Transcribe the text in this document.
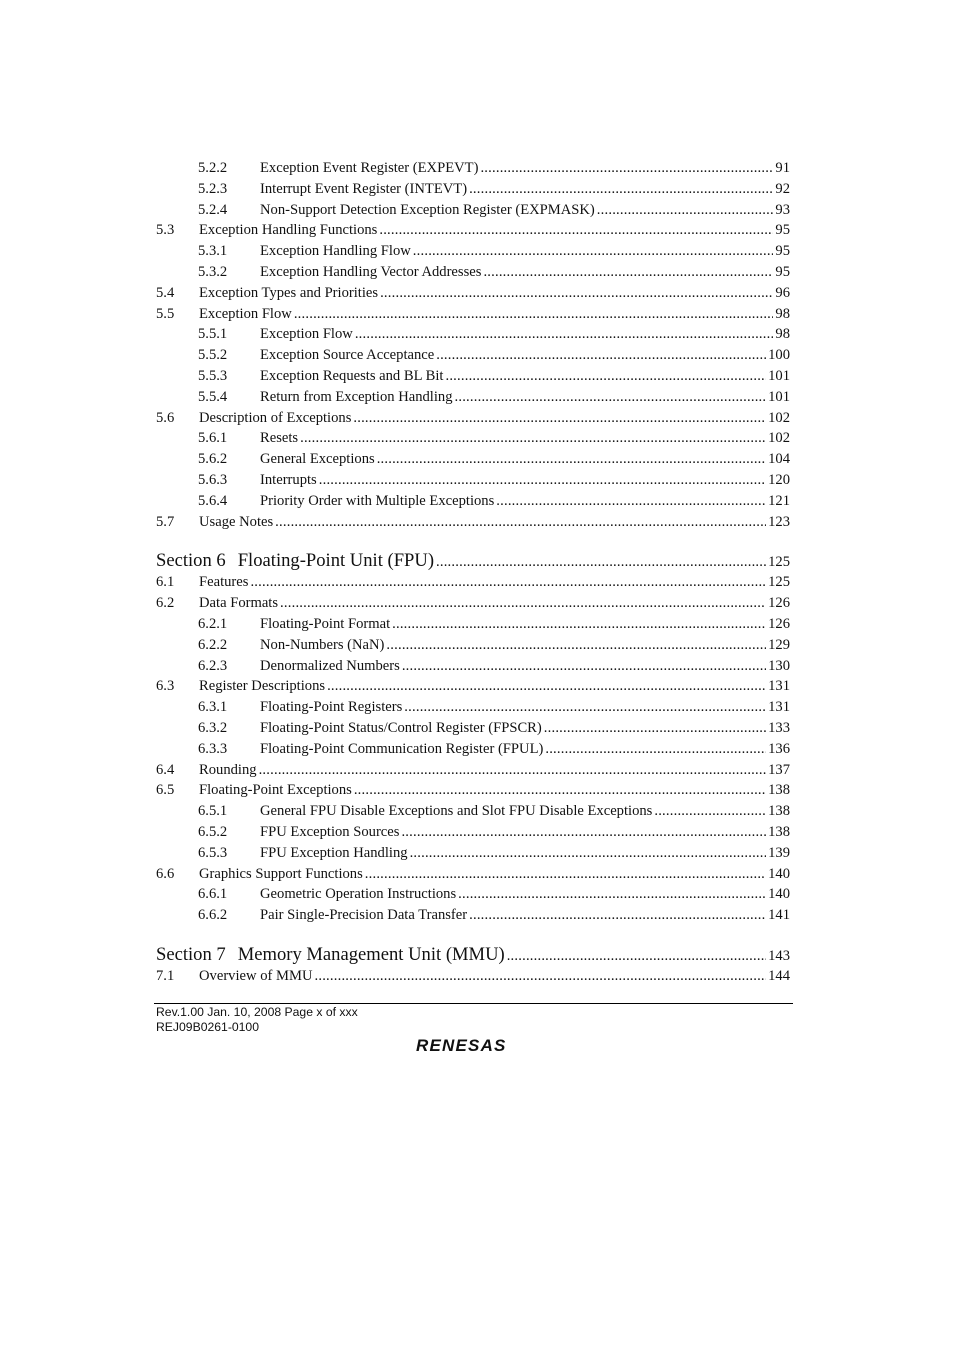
5.2.2 Exception Event Register (EXPEVT) .....	91
5.2.3 Interrupt Event Register (INTEVT) .....	92
5.2.4 Non-Support Detection Exception Register (EXPMASK) .....	93
5.3 Exception Handling Functions .....	95
5.3.1 Exception Handling Flow .....	95
5.3.2 Exception Handling Vector Addresses .....	95
5.4 Exception Types and Priorities .....	96
5.5 Exception Flow .....	98
5.5.1 Exception Flow .....	98
5.5.2 Exception Source Acceptance .....	100
5.5.3 Exception Requests and BL Bit .....	101
5.5.4 Return from Exception Handling .....	101
5.6 Description of Exceptions .....	102
5.6.1 Resets .....	102
5.6.2 General Exceptions .....	104
5.6.3 Interrupts .....	120
5.6.4 Priority Order with Multiple Exceptions .....	121
5.7 Usage Notes .....	123
Section 6 Floating-Point Unit (FPU) .....	125
6.1 Features .....	125
6.2 Data Formats .....	126
6.2.1 Floating-Point Format .....	126
6.2.2 Non-Numbers (NaN) .....	129
6.2.3 Denormalized Numbers .....	130
6.3 Register Descriptions .....	131
6.3.1 Floating-Point Registers .....	131
6.3.2 Floating-Point Status/Control Register (FPSCR) .....	133
6.3.3 Floating-Point Communication Register (FPUL) .....	136
6.4 Rounding .....	137
6.5 Floating-Point Exceptions .....	138
6.5.1 General FPU Disable Exceptions and Slot FPU Disable Exceptions .....	138
6.5.2 FPU Exception Sources .....	138
6.5.3 FPU Exception Handling .....	139
6.6 Graphics Support Functions .....	140
6.6.1 Geometric Operation Instructions .....	140
6.6.2 Pair Single-Precision Data Transfer .....	141
Section 7 Memory Management Unit (MMU) .....	143
7.1 Overview of MMU .....	144
Rev.1.00 Jan. 10, 2008 Page x of xxx
REJ09B0261-0100
RENESAS
